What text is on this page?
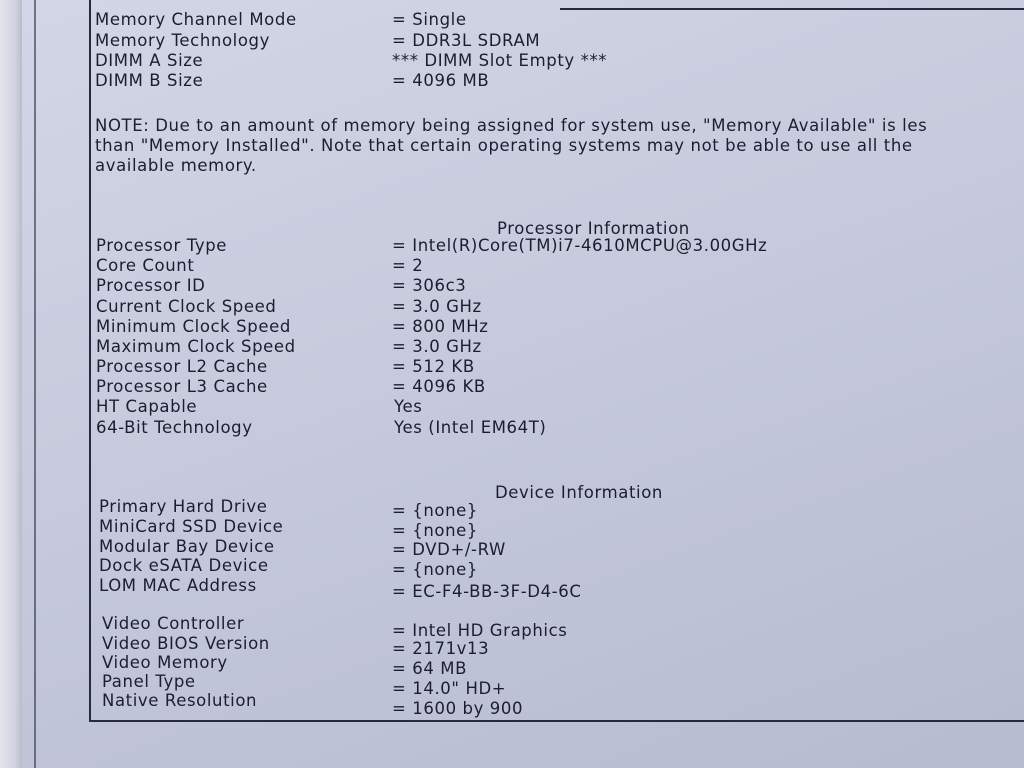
Memory Channel Mode	= Single
Memory Technology	= DDR3L SDRAM
DIMM A Size	*** DIMM Slot Empty ***
DIMM B Size	= 4096 MB
NOTE: Due to an amount of memory being assigned for system use, "Memory Available" is les
than "Memory Installed". Note that certain operating systems may not be able to use all the
available memory.
Processor Information
Processor Type	= Intel(R)Core(TM)i7-4610MCPU@3.00GHz
Core Count	= 2
Processor ID	= 306c3
Current Clock Speed	= 3.0 GHz
Minimum Clock Speed	= 800 MHz
Maximum Clock Speed	= 3.0 GHz
Processor L2 Cache	= 512 KB
Processor L3 Cache	= 4096 KB
HT Capable	Yes
64-Bit Technology	Yes (Intel EM64T)
Device Information
Primary Hard Drive	= {none}
MiniCard SSD Device	= {none}
Modular Bay Device	= DVD+/-RW
Dock eSATA Device	= {none}
LOM MAC Address	= EC-F4-BB-3F-D4-6C
Video Controller	= Intel HD Graphics
Video BIOS Version	= 2171v13
Video Memory	= 64 MB
Panel Type	= 14.0" HD+
Native Resolution	= 1600 by 900
